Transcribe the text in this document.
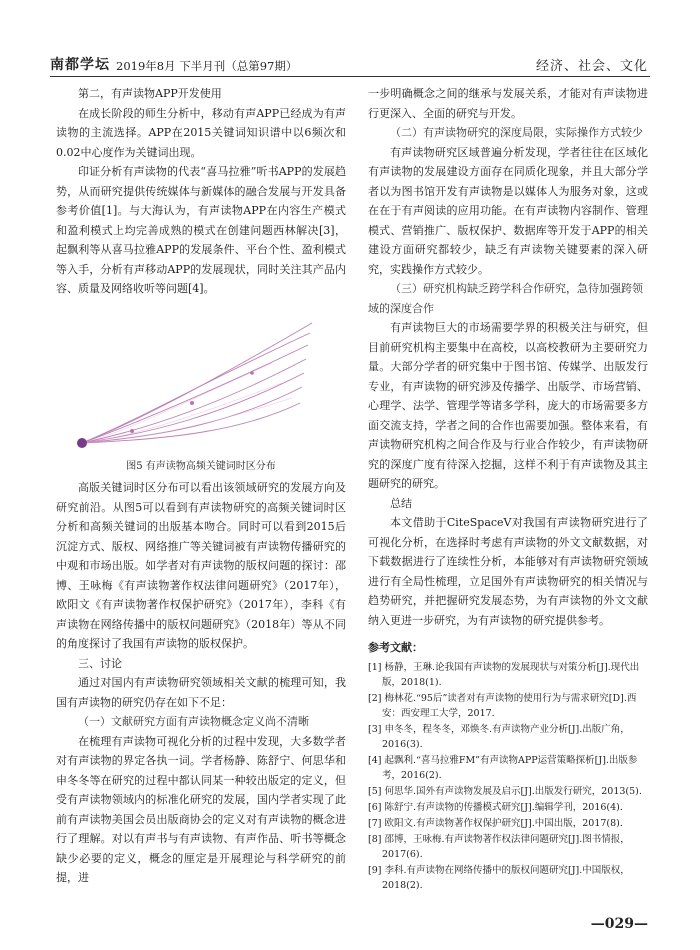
南都学坛 2019年8月 下半月刊（总第97期）	经济、社会、文化

第二，有声读物APP开发使用

在成长阶段的师生分析中，移动有声APP已经成为有声读物的主流选择。APP在2015关键词知识谱中以6频次和0.02中心度作为关键词出现。

印证分析有声读物的代表“喜马拉雅”听书APP的发展趋势，从而研究提供传统媒体与新媒体的融合发展与开发具备参考价值[1]。与大海认为，有声读物APP在内容生产模式和盈利模式上均完善成熟的模式在创建问题西林解决[3]，起飘利等从喜马拉雅APP的发展条件、平台个性、盈利模式等入手，分析有声移动APP的发展现状，同时关注其产品内容、质量及网络收听等问题[4]。

图5 有声读物高频关键词时区分布

高版关键词时区分布可以看出该领域研究的发展方向及研究前沿。从图5可以看到有声读物研究的高频关键词时区分析和高频关键词的出版基本吻合。同时可以看到2015后沉淀方式、版权、网络推广等关键词被有声读物传播研究的中观和市场出版。如学者对有声读物的版权问题的探讨：邵博、王咏梅《有声读物著作权法律问题研究》（2017年），欧阳文《有声读物著作权保护研究》（2017年），李科《有声读物在网络传播中的版权问题研究》（2018年）等从不同的角度探讨了我国有声读物的版权保护。

三、讨论

通过对国内有声读物研究领域相关文献的梳理可知，我国有声读物的研究仍存在如下不足：

（一）文献研究方面有声读物概念定义尚不清晰

在梳理有声读物可视化分析的过程中发现，大多数学者对有声读物的界定各执一词。学者杨静、陈舒宁、何思华和申冬冬等在研究的过程中都认同某一种较出版定的定义，但受有声读物领域内的标准化研究的发展，国内学者实现了此前有声读物美国会员出版商协会的定义对有声读物的概念进行了理解。对以有声书与有声读物、有声作品、听书等概念缺少必要的定义，概念的厘定是开展理论与科学研究的前提，进

一步明确概念之间的继承与发展关系，才能对有声读物进行更深入、全面的研究与开发。

（二）有声读物研究的深度局限，实际操作方式较少

有声读物研究区域普遍分析发现，学者往往在区域化有声读物的发展建设方面存在同质化现象，并且大部分学者以为图书馆开发有声读物是以媒体人为服务对象，这或在在于有声阅读的应用功能。在有声读物内容制作、管理模式、营销推广、版权保护、数据库等开发于APP的相关建设方面研究都较少，缺乏有声读物关键要素的深入研究，实践操作方式较少。

（三）研究机构缺乏跨学科合作研究，急待加强跨领域的深度合作

有声读物巨大的市场需要学界的积极关注与研究，但目前研究机构主要集中在高校，以高校教研为主要研究力量。大部分学者的研究集中于图书馆、传媒学、出版发行专业，有声读物的研究涉及传播学、出版学、市场营销、心理学、法学、管理学等诸多学科，庞大的市场需要多方面交流支持，学者之间的合作也需要加强。整体来看，有声读物研究机构之间合作及与行业合作较少，有声读物研究的深度广度有待深入挖掘，这样不利于有声读物及其主题研究的研究。

总结

本文借助于CiteSpaceV对我国有声读物研究进行了可视化分析，在选择时考虑有声读物的外文文献数据，对下载数据进行了连续性分析，本能够对有声读物研究领域进行有全局性梳理，立足国外有声读物研究的相关情况与趋势研究，并把握研究发展态势，为有声读物的外文文献纳入更进一步研究，为有声读物的研究提供参考。

参考文献：

[1] 杨静，王琳.论我国有声读物的发展现状与对策分析[J].现代出版，2018(1).

[2] 梅林花.“95后”读者对有声读物的使用行为与需求研究[D].西安：西安理工大学，2017.

[3] 申冬冬，程冬冬，邓焕冬.有声读物产业分析[J].出版广角，2016(3).

[4] 起飘利.“喜马拉雅FM”有声读物APP运营策略探析[J].出版参考，2016(2).

[5] 何思华.国外有声读物发展及启示[J].出版发行研究，2013(5).

[6] 陈舒宁.有声读物的传播模式研究[J].编辑学刊，2016(4).

[7] 欧阳文.有声读物著作权保护研究[J].中国出版，2017(8).

[8] 邵博，王咏梅.有声读物著作权法律问题研究[J].图书情报，2017(6).

[9] 李科.有声读物在网络传播中的版权问题研究[J].中国版权，2018(2).

—029—
